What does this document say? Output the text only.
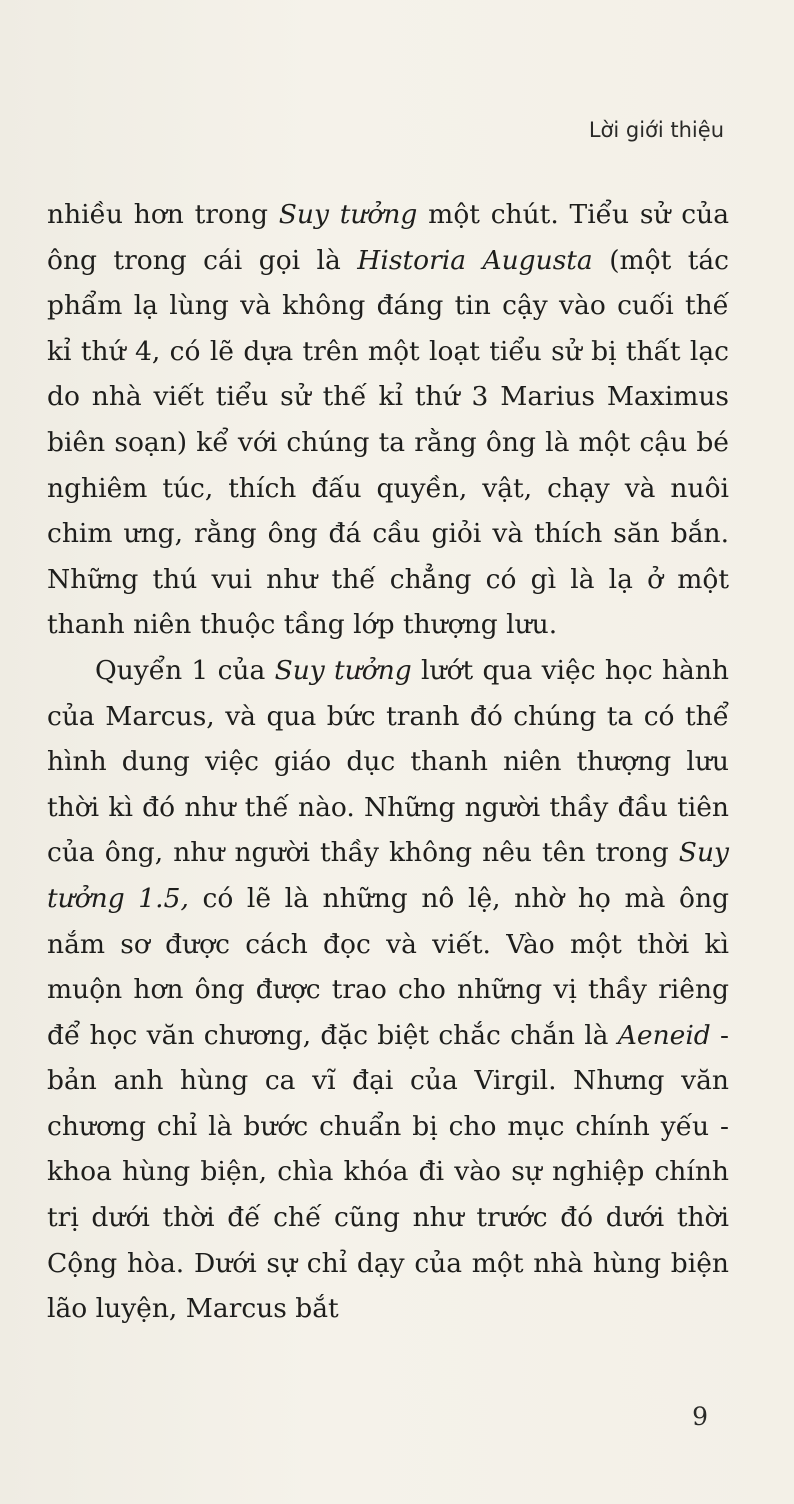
Lời giới thiệu

nhiều hơn trong Suy tưởng một chút. Tiểu sử của ông trong cái gọi là Historia Augusta (một tác phẩm lạ lùng và không đáng tin cậy vào cuối thế kỉ thứ 4, có lẽ dựa trên một loạt tiểu sử bị thất lạc do nhà viết tiểu sử thế kỉ thứ 3 Marius Maximus biên soạn) kể với chúng ta rằng ông là một cậu bé nghiêm túc, thích đấu quyền, vật, chạy và nuôi chim ưng, rằng ông đá cầu giỏi và thích săn bắn. Những thú vui như thế chẳng có gì là lạ ở một thanh niên thuộc tầng lớp thượng lưu.

Quyển 1 của Suy tưởng lướt qua việc học hành của Marcus, và qua bức tranh đó chúng ta có thể hình dung việc giáo dục thanh niên thượng lưu thời kì đó như thế nào. Những người thầy đầu tiên của ông, như người thầy không nêu tên trong Suy tưởng 1.5, có lẽ là những nô lệ, nhờ họ mà ông nắm sơ được cách đọc và viết. Vào một thời kì muộn hơn ông được trao cho những vị thầy riêng để học văn chương, đặc biệt chắc chắn là Aeneid - bản anh hùng ca vĩ đại của Virgil. Nhưng văn chương chỉ là bước chuẩn bị cho mục chính yếu - khoa hùng biện, chìa khóa đi vào sự nghiệp chính trị dưới thời đế chế cũng như trước đó dưới thời Cộng hòa. Dưới sự chỉ dạy của một nhà hùng biện lão luyện, Marcus bắt

9
